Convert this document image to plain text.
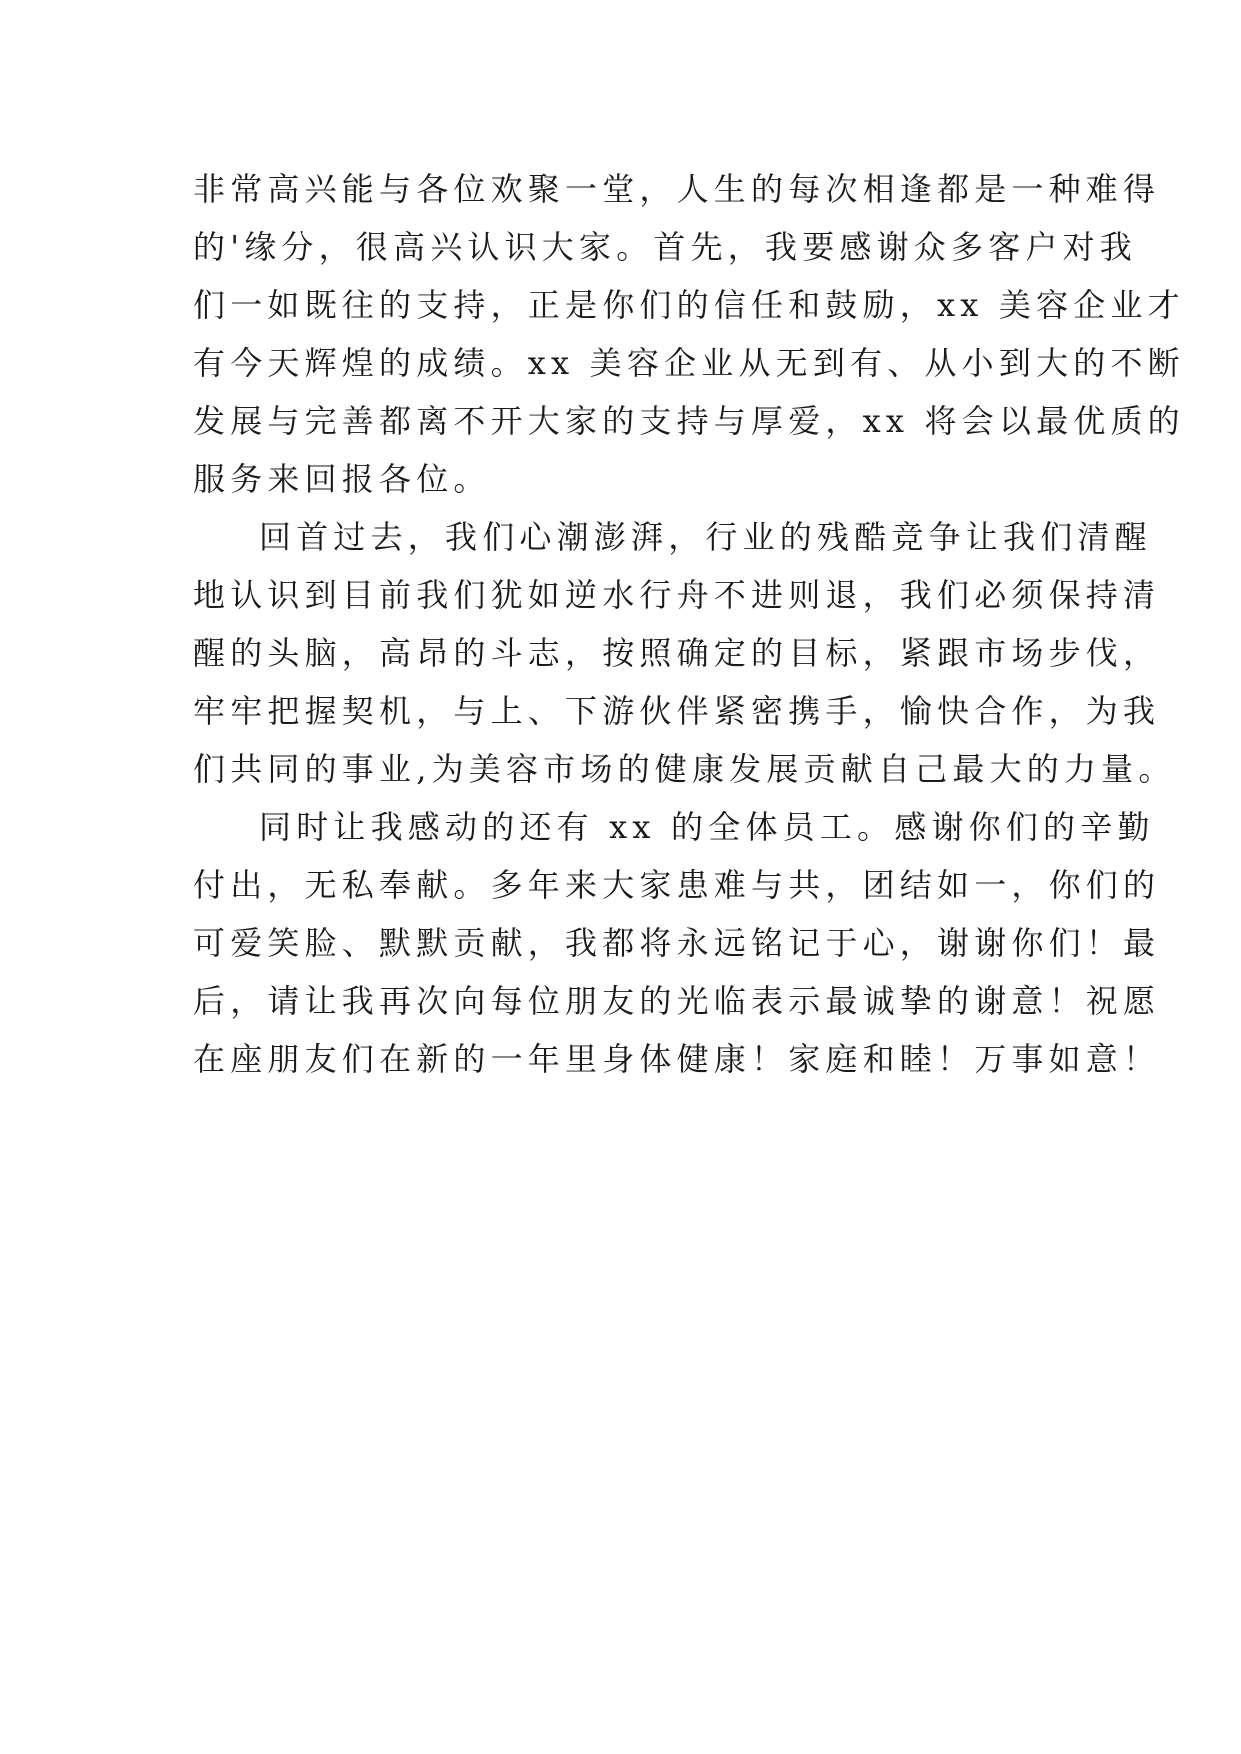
非常高兴能与各位欢聚一堂，人生的每次相逢都是一种难得
的'缘分，很高兴认识大家。首先，我要感谢众多客户对我
们一如既往的支持，正是你们的信任和鼓励，xx 美容企业才
有今天辉煌的成绩。xx 美容企业从无到有、从小到大的不断
发展与完善都离不开大家的支持与厚爱，xx 将会以最优质的
服务来回报各位。
回首过去，我们心潮澎湃，行业的残酷竞争让我们清醒
地认识到目前我们犹如逆水行舟不进则退，我们必须保持清
醒的头脑，高昂的斗志，按照确定的目标，紧跟市场步伐，
牢牢把握契机，与上、下游伙伴紧密携手，愉快合作，为我
们共同的事业,为美容市场的健康发展贡献自己最大的力量。
同时让我感动的还有 xx 的全体员工。感谢你们的辛勤
付出，无私奉献。多年来大家患难与共，团结如一，你们的
可爱笑脸、默默贡献，我都将永远铭记于心，谢谢你们！最
后，请让我再次向每位朋友的光临表示最诚挚的谢意！祝愿
在座朋友们在新的一年里身体健康！家庭和睦！万事如意！
